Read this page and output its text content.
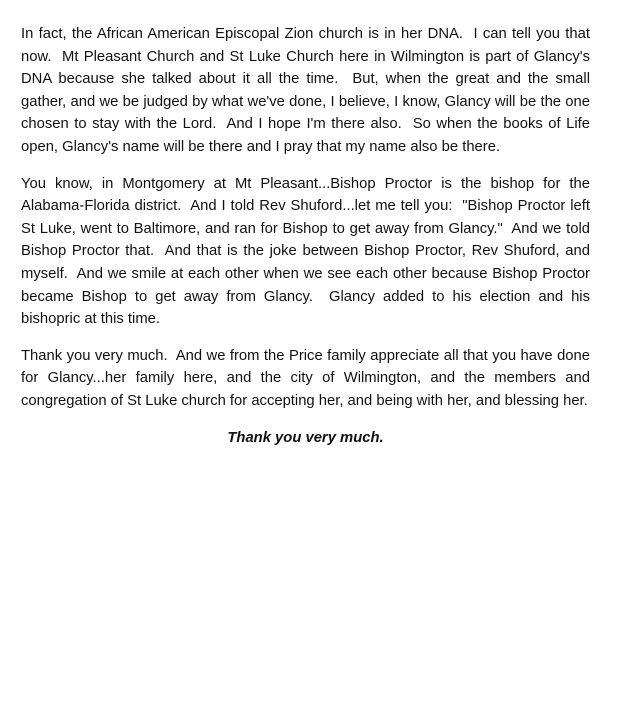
In fact, the African American Episcopal Zion church is in her DNA.  I can tell you that now.  Mt Pleasant Church and St Luke Church here in Wilmington is part of Glancy's DNA because she talked about it all the time.  But, when the great and the small gather, and we be judged by what we've done, I believe, I know, Glancy will be the one chosen to stay with the Lord.  And I hope I'm there also.  So when the books of Life open, Glancy's name will be there and I pray that my name also be there.

You know, in Montgomery at Mt Pleasant...Bishop Proctor is the bishop for the Alabama-Florida district.  And I told Rev Shuford...let me tell you:  "Bishop Proctor left St Luke, went to Baltimore, and ran for Bishop to get away from Glancy."  And we told Bishop Proctor that.  And that is the joke between Bishop Proctor, Rev Shuford, and myself.  And we smile at each other when we see each other because Bishop Proctor became Bishop to get away from Glancy.  Glancy added to his election and his bishopric at this time.

Thank you very much.  And we from the Price family appreciate all that you have done for Glancy...her family here, and the city of Wilmington, and the members and congregation of St Luke church for accepting her, and being with her, and blessing her.

Thank you very much.
